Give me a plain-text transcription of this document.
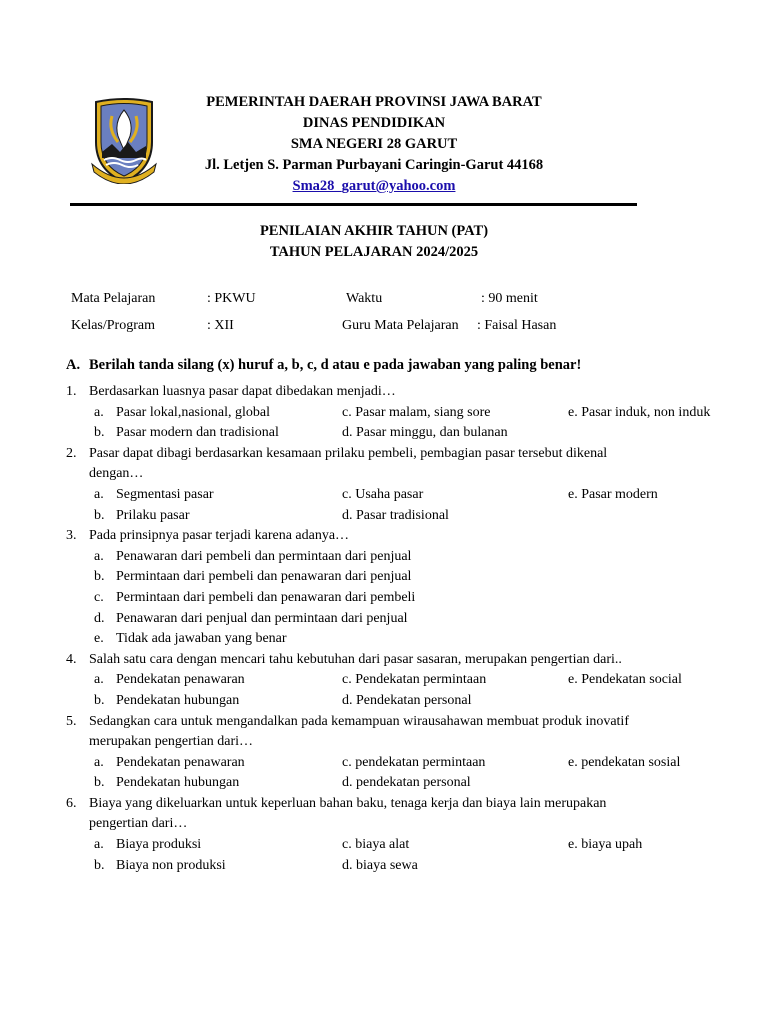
PEMERINTAH DAERAH PROVINSI JAWA BARAT
DINAS PENDIDIKAN
SMA NEGERI 28 GARUT
Jl. Letjen S. Parman Purbayani Caringin-Garut 44168
Sma28_garut@yahoo.com
PENILAIAN AKHIR TAHUN (PAT)
TAHUN PELAJARAN 2024/2025
Mata Pelajaran	: PKWU	Waktu	: 90 menit
Kelas/Program	: XII	Guru Mata Pelajaran : Faisal Hasan
A. Berilah tanda silang (x) huruf a, b, c, d atau e pada jawaban yang paling benar!
1. Berdasarkan luasnya pasar dapat dibedakan menjadi…
a. Pasar lokal,nasional, global	c. Pasar malam, siang sore	e. Pasar induk, non induk
b. Pasar modern dan tradisional	d. Pasar minggu, dan bulanan
2. Pasar dapat dibagi berdasarkan kesamaan prilaku pembeli, pembagian pasar tersebut dikenal
dengan…
a. Segmentasi pasar	c. Usaha pasar	e. Pasar modern
b. Prilaku pasar	d. Pasar tradisional
3. Pada prinsipnya pasar terjadi karena adanya…
a. Penawaran dari pembeli dan permintaan dari penjual
b. Permintaan dari pembeli dan penawaran dari penjual
c. Permintaan dari pembeli dan penawaran dari pembeli
d. Penawaran dari penjual dan permintaan dari penjual
e. Tidak ada jawaban yang benar
4. Salah satu cara dengan mencari tahu kebutuhan dari pasar sasaran, merupakan pengertian dari..
a. Pendekatan penawaran	c. Pendekatan permintaan	e. Pendekatan social
b. Pendekatan hubungan	d. Pendekatan personal
5. Sedangkan cara untuk mengandalkan pada kemampuan wirausahawan membuat produk inovatif
merupakan pengertian dari…
a. Pendekatan penawaran	c. pendekatan permintaan	e. pendekatan sosial
b. Pendekatan hubungan	d. pendekatan personal
6. Biaya yang dikeluarkan untuk keperluan bahan baku, tenaga kerja dan biaya lain merupakan
pengertian dari…
a. Biaya produksi	c. biaya alat	e. biaya upah
b. Biaya non produksi	d. biaya sewa
